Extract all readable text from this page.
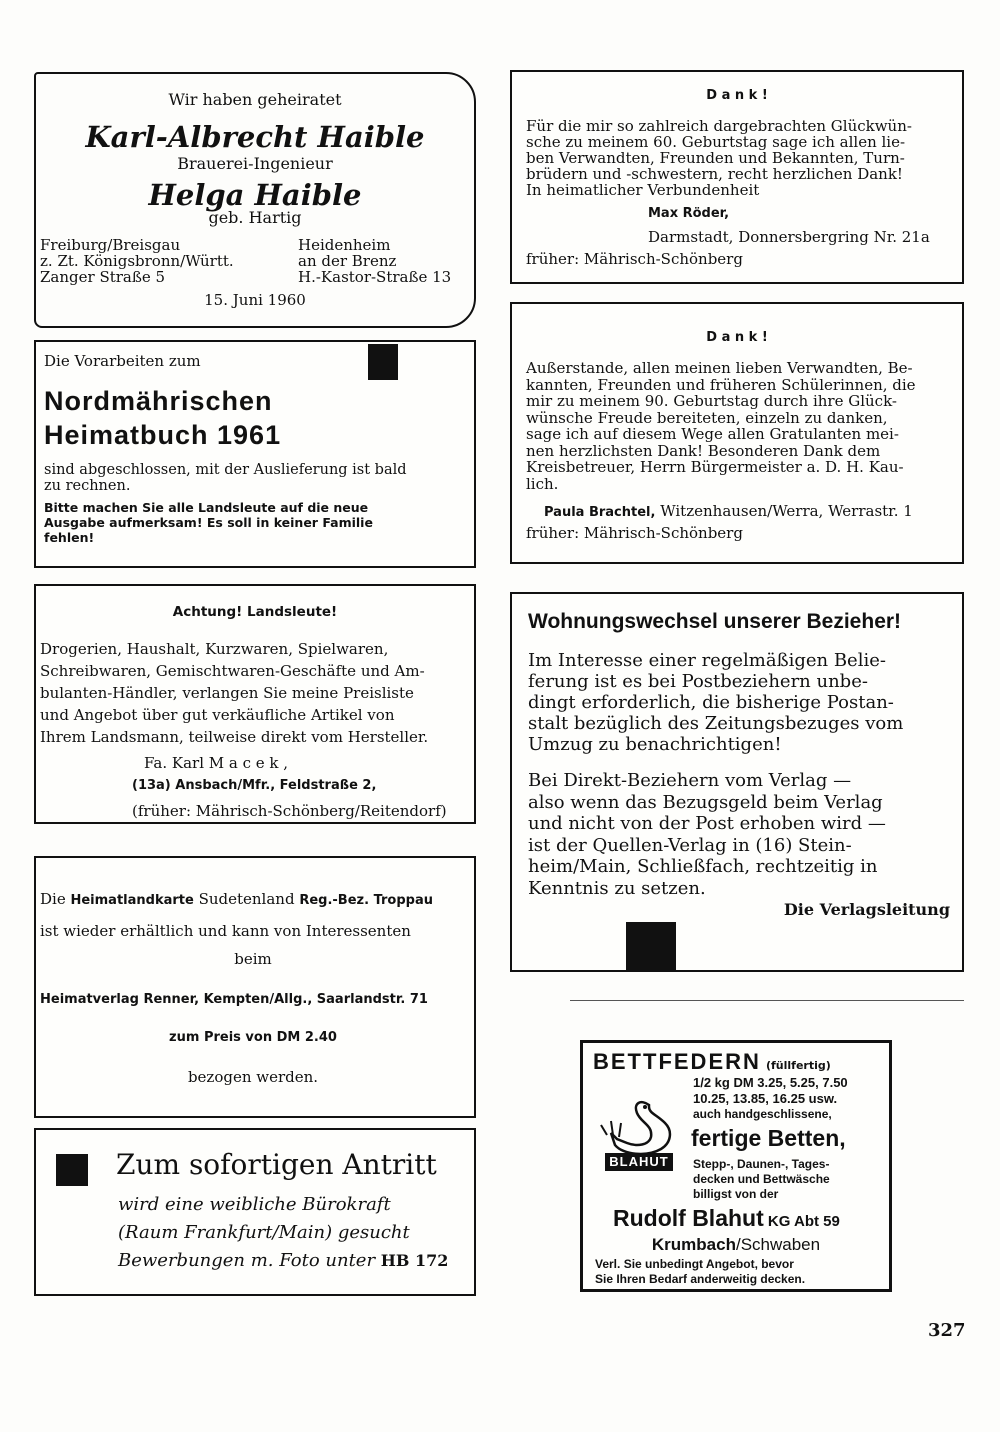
Wir haben geheiratet
Karl-Albrecht Haible
Brauerei-Ingenieur
Helga Haible
geb. Hartig
Freiburg/Breisgau
z. Zt. Königsbronn/Württ.
Zanger Straße 5
Heidenheim
an der Brenz
H.-Kastor-Straße 13
15. Juni 1960
D a n k !
Für die mir so zahlreich dargebrachten Glückwün-
sche zu meinem 60. Geburtstag sage ich allen lie-
ben Verwandten, Freunden und Bekannten, Turn-
brüdern und -schwestern, recht herzlichen Dank!
In heimatlicher Verbundenheit
Max Röder,
Darmstadt, Donnersbergring Nr. 21a
früher: Mährisch-Schönberg
Die Vorarbeiten zum
Nordmährischen
Heimatbuch 1961
sind abgeschlossen, mit der Auslieferung ist bald
zu rechnen.
Bitte machen Sie alle Landsleute auf die neue
Ausgabe aufmerksam! Es soll in keiner Familie
fehlen!
D a n k !
Außerstande, allen meinen lieben Verwandten, Be-
kannten, Freunden und früheren Schülerinnen, die
mir zu meinem 90. Geburtstag durch ihre Glück-
wünsche Freude bereiteten, einzeln zu danken,
sage ich auf diesem Wege allen Gratulanten mei-
nen herzlichsten Dank! Besonderen Dank dem
Kreisbetreuer, Herrn Bürgermeister a. D. H. Kau-
lich.
Paula Brachtel, Witzenhausen/Werra, Werrastr. 1
früher: Mährisch-Schönberg
Achtung! Landsleute!
Drogerien, Haushalt, Kurzwaren, Spielwaren,
Schreibwaren, Gemischtwaren-Geschäfte und Am-
bulanten-Händler, verlangen Sie meine Preisliste
und Angebot über gut verkäufliche Artikel von
Ihrem Landsmann, teilweise direkt vom Hersteller.
Fa. Karl M a c e k ,
(13a) Ansbach/Mfr., Feldstraße 2,
(früher: Mährisch-Schönberg/Reitendorf)
Wohnungswechsel unserer Bezieher!
Im Interesse einer regelmäßigen Belie-
ferung ist es bei Postbeziehern unbe-
dingt erforderlich, die bisherige Postan-
stalt bezüglich des Zeitungsbezuges vom
Umzug zu benachrichtigen!
Bei Direkt-Beziehern vom Verlag —
also wenn das Bezugsgeld beim Verlag
und nicht von der Post erhoben wird —
ist der Quellen-Verlag in (16) Stein-
heim/Main, Schließfach, rechtzeitig in
Kenntnis zu setzen.
Die Verlagsleitung
Die Heimatlandkarte Sudetenland Reg.-Bez. Troppau
ist wieder erhältlich und kann von Interessenten
beim
Heimatverlag Renner, Kempten/Allg., Saarlandstr. 71
zum Preis von DM 2.40
bezogen werden.
Zum sofortigen Antritt
wird eine weibliche Bürokraft
(Raum Frankfurt/Main) gesucht
Bewerbungen m. Foto unter HB 172
BETTFEDERN (füllfertig)
1/2 kg DM 3.25, 5.25, 7.50
10.25, 13.85, 16.25 usw.
auch handgeschlissene,
BLAHUT
fertige Betten,
Stepp-, Daunen-, Tages-
decken und Bettwäsche
billigst von der
Rudolf Blahut KG Abt 59
Krumbach/Schwaben
Verl. Sie unbedingt Angebot, bevor
Sie Ihren Bedarf anderweitig decken.
327
